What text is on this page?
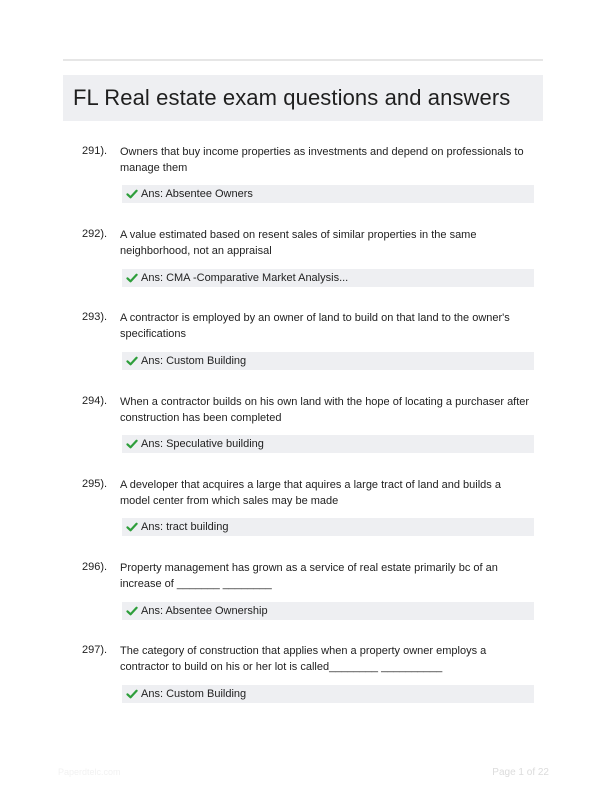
FL Real estate exam questions and answers
291). Owners that buy income properties as investments and depend on professionals to manage them
Ans: Absentee Owners
292). A value estimated based on resent sales of similar properties in the same neighborhood, not an appraisal
Ans: CMA -Comparative Market Analysis...
293). A contractor is employed by an owner of land to build on that land to the owner's specifications
Ans: Custom Building
294). When a contractor builds on his own land with the hope of locating a purchaser after construction has been completed
Ans: Speculative building
295). A developer that acquires a large that aquires a large tract of land and builds a model center from which sales may be made
Ans: tract building
296). Property management has grown as a service of real estate primarily bc of an increase of _______ ________
Ans: Absentee Ownership
297). The category of construction that applies when a property owner employs a contractor to build on his or her lot is called________ __________
Ans: Custom Building
Paperdtelc.com	Page 1 of 22
